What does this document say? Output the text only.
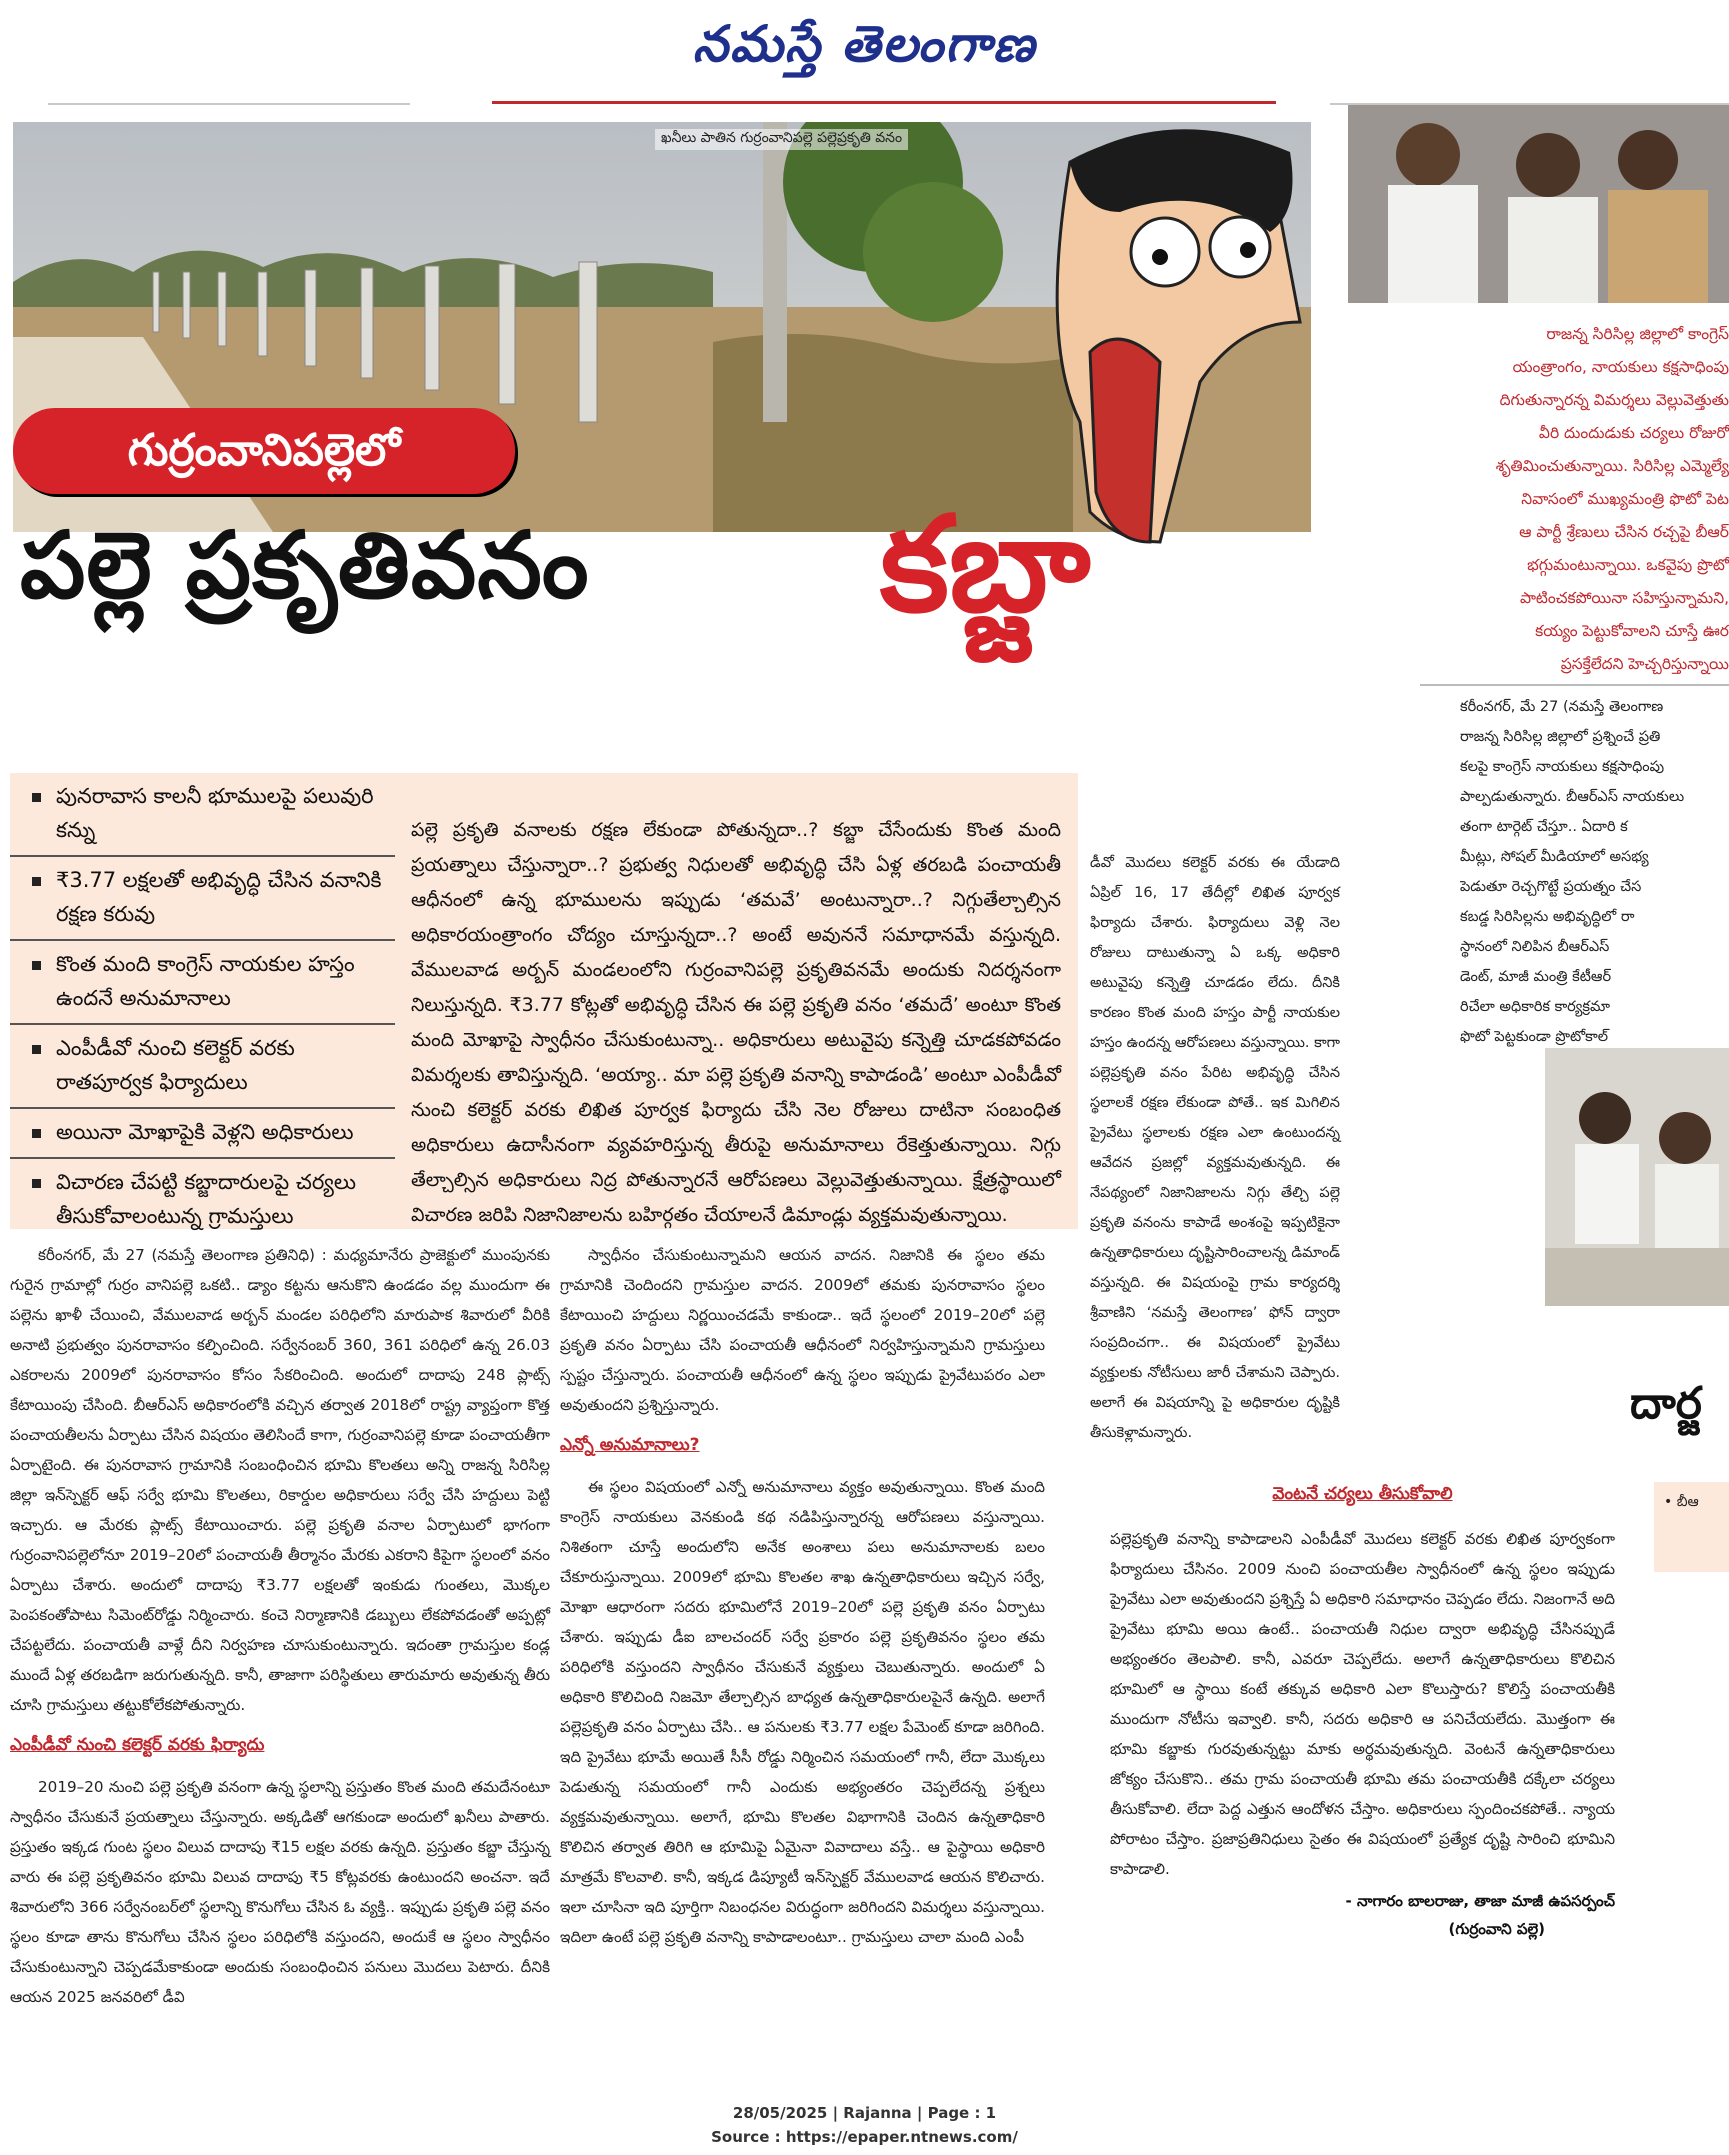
నమస్తే తెలంగాణ
ఖనీలు పాతిన గుర్రంవానిపల్లె పల్లెప్రకృతి వనం
గుర్రంవానిపల్లెలో
పల్లె ప్రకృతివనం	కబ్జా
రాజన్న సిరిసిల్ల జిల్లాలో కాంగ్రెస్
యంత్రాంగం, నాయకులు కక్షసాధింపు
దిగుతున్నారన్న విమర్శలు వెల్లువెత్తుతు
వీరి దుందుడుకు చర్యలు రోజురో
శృతిమించుతున్నాయి. సిరిసిల్ల ఎమ్మెల్యే
నివాసంలో ముఖ్యమంత్రి ఫొటో పెట
ఆ పార్టీ శ్రేణులు చేసిన రచ్చపై బీఆర్
భగ్గుమంటున్నాయి. ఒకవైపు ప్రొటో
పాటించకపోయినా సహిస్తున్నామని,
కయ్యం పెట్టుకోవాలని చూస్తే ఊర
ప్రసక్తేలేదని హెచ్చరిస్తున్నాయి
కరీంనగర్, మే 27 (నమస్తే తెలంగాణ
రాజన్న సిరిసిల్ల జిల్లాలో ప్రశ్నించే ప్రతి
కలపై కాంగ్రెస్ నాయకులు కక్షసాధింపు
పాల్పడుతున్నారు. బీఆర్ఎస్ నాయకులు
తంగా టార్గెట్ చేస్తూ.. ఏదారి క
మీట్లు, సోషల్ మీడియాలో అసభ్య
పెడుతూ రెచ్చగొట్టే ప్రయత్నం చేస
కబడ్డ సిరిసిల్లను అభివృద్ధిలో రా
స్థానంలో నిలిపిన బీఆర్ఎస్
డెంట్, మాజీ మంత్రి కేటీఆర్
రిచేలా అధికారిక కార్యక్రమా
ఫొటో పెట్టకుండా ప్రొటోకాల్
దార్జ
• బీఆ
పునరావాస కాలనీ భూములపై పలువురి కన్ను
₹3.77 లక్షలతో అభివృద్ధి చేసిన వనానికి రక్షణ కరువు
కొంత మంది కాంగ్రెస్ నాయకుల హస్తం ఉందనే అనుమానాలు
ఎంపీడీవో నుంచి కలెక్టర్ వరకు రాతపూర్వక ఫిర్యాదులు
అయినా మోఖాపైకి వెళ్లని అధికారులు
విచారణ చేపట్టి కబ్జాదారులపై చర్యలు తీసుకోవాలంటున్న గ్రామస్తులు
పల్లె ప్రకృతి వనాలకు రక్షణ లేకుండా పోతున్నదా..? కబ్జా చేసేందుకు కొంత మంది ప్రయత్నాలు చేస్తున్నారా..? ప్రభుత్వ నిధులతో అభివృద్ధి చేసి ఏళ్ల తరబడి పంచాయతీ ఆధీనంలో ఉన్న భూములను ఇప్పుడు ‘తమవే’ అంటున్నారా..? నిగ్గుతేల్చాల్సిన అధికారయంత్రాంగం చోద్యం చూస్తున్నదా..? అంటే అవుననే సమాధానమే వస్తున్నది. వేములవాడ అర్బన్ మండలంలోని గుర్రంవానిపల్లె ప్రకృతివనమే అందుకు నిదర్శనంగా నిలుస్తున్నది. ₹3.77 కోట్లతో అభివృద్ధి చేసిన ఈ పల్లె ప్రకృతి వనం ‘తమదే’ అంటూ కొంత మంది మోఖాపై స్వాధీనం చేసుకుంటున్నా.. అధికారులు అటువైపు కన్నెత్తి చూడకపోవడం విమర్శలకు తావిస్తున్నది. ‘అయ్యా.. మా పల్లె ప్రకృతి వనాన్ని కాపాడండి’ అంటూ ఎంపీడీవో నుంచి కలెక్టర్ వరకు లిఖిత పూర్వక ఫిర్యాదు చేసి నెల రోజులు దాటినా సంబంధిత అధికారులు ఉదాసీనంగా వ్యవహరిస్తున్న తీరుపై అనుమానాలు రేకెత్తుతున్నాయి. నిగ్గు తేల్చాల్సిన అధికారులు నిద్ర పోతున్నారనే ఆరోపణలు వెల్లువెత్తుతున్నాయి. క్షేత్రస్థాయిలో విచారణ జరిపి నిజానిజాలను బహిర్గతం చేయాలనే డిమాండ్లు వ్యక్తమవుతున్నాయి.
డీవో మొదలు కలెక్టర్ వరకు ఈ యేడాది ఏప్రిల్ 16, 17 తేదీల్లో లిఖిత పూర్వక ఫిర్యాదు చేశారు. ఫిర్యాదులు వెళ్లి నెల రోజులు దాటుతున్నా ఏ ఒక్క అధికారి అటువైపు కన్నెత్తి చూడడం లేదు. దీనికి కారణం కొంత మంది హస్తం పార్టీ నాయకుల హస్తం ఉందన్న ఆరోపణలు వస్తున్నాయి. కాగా పల్లెప్రకృతి వనం పేరిట అభివృద్ధి చేసిన స్థలాలకే రక్షణ లేకుండా పోతే.. ఇక మిగిలిన ప్రైవేటు స్థలాలకు రక్షణ ఎలా ఉంటుందన్న ఆవేదన ప్రజల్లో వ్యక్తమవుతున్నది. ఈ నేపథ్యంలో నిజానిజాలను నిగ్గు తేల్చి పల్లె ప్రకృతి వనంను కాపాడే అంశంపై ఇప్పటికైనా ఉన్నతాధికారులు దృష్టిసారించాలన్న డిమాండ్ వస్తున్నది. ఈ విషయంపై గ్రామ కార్యదర్శి శ్రీవాణిని ‘నమస్తే తెలంగాణ’ ఫోన్ ద్వారా సంప్రదించగా.. ఈ విషయంలో ప్రైవేటు వ్యక్తులకు నోటీసులు జారీ చేశామని చెప్పారు. అలాగే ఈ విషయాన్ని పై అధికారుల దృష్టికి తీసుకెళ్లామన్నారు.

కరీంనగర్, మే 27 (నమస్తే తెలంగాణ ప్రతినిధి) : మధ్యమానేరు ప్రాజెక్టులో ముంపునకు గురైన గ్రామాల్లో గుర్రం వానిపల్లె ఒకటి.. డ్యాం కట్టను ఆనుకొని ఉండడం వల్ల ముందుగా ఈ పల్లెను ఖాళీ చేయించి, వేములవాడ అర్బన్ మండల పరిధిలోని మారుపాక శివారులో వీరికి అనాటి ప్రభుత్వం పునరావాసం కల్పించింది. సర్వేనంబర్ 360, 361 పరిధిలో ఉన్న 26.03 ఎకరాలను 2009లో పునరావాసం కోసం సేకరించింది. అందులో దాదాపు 248 ప్లాట్స్ కేటాయింపు చేసింది. బీఆర్ఎస్ అధికారంలోకి వచ్చిన తర్వాత 2018లో రాష్ట్ర వ్యాప్తంగా కొత్త పంచాయతీలను ఏర్పాటు చేసిన విషయం తెలిసిందే కాగా, గుర్రంవానిపల్లె కూడా పంచాయతీగా ఏర్పాటైంది. ఈ పునరావాస గ్రామానికి సంబంధించిన భూమి కొలతలు అన్ని రాజన్న సిరిసిల్ల జిల్లా ఇన్‌స్పెక్టర్ ఆఫ్ సర్వే భూమి కొలతలు, రికార్డుల అధికారులు సర్వే చేసి హద్దులు పెట్టి ఇచ్చారు. ఆ మేరకు ప్లాట్స్ కేటాయించారు. పల్లె ప్రకృతి వనాల ఏర్పాటులో భాగంగా గుర్రంవానిపల్లెలోనూ 2019–20లో పంచాయతీ తీర్మానం మేరకు ఎకరాని కిపైగా స్థలంలో వనం ఏర్పాటు చేశారు. అందులో దాదాపు ₹3.77 లక్షలతో ఇంకుడు గుంతలు, మొక్కల పెంపకంతోపాటు సిమెంట్‌రోడ్డు నిర్మించారు. కంచె నిర్మాణానికి డబ్బులు లేకపోవడంతో అప్పట్లో చేపట్టలేదు. పంచాయతీ వాళ్లే దీని నిర్వహణ చూసుకుంటున్నారు. ఇదంతా గ్రామస్తుల కండ్ల ముందే ఏళ్ల తరబడిగా జరుగుతున్నది. కానీ, తాజాగా పరిస్థితులు తారుమారు అవుతున్న తీరు చూసి గ్రామస్తులు తట్టుకోలేకపోతున్నారు.

ఎంపీడీవో నుంచి కలెక్టర్ వరకు ఫిర్యాదు

2019–20 నుంచి పల్లె ప్రకృతి వనంగా ఉన్న స్థలాన్ని ప్రస్తుతం కొంత మంది తమదేనంటూ స్వాధీనం చేసుకునే ప్రయత్నాలు చేస్తున్నారు. అక్కడితో ఆగకుండా అందులో ఖనీలు పాతారు. ప్రస్తుతం ఇక్కడ గుంట స్థలం విలువ దాదాపు ₹15 లక్షల వరకు ఉన్నది. ప్రస్తుతం కబ్జా చేస్తున్న వారు ఈ పల్లె ప్రకృతివనం భూమి విలువ దాదాపు ₹5 కోట్లవరకు ఉంటుందని అంచనా. ఇదే శివారులోని 366 సర్వేనంబర్‌లో స్థలాన్ని కొనుగోలు చేసిన ఓ వ్యక్తి.. ఇప్పుడు ప్రకృతి పల్లె వనం స్థలం కూడా తాను కొనుగోలు చేసిన స్థలం పరిధిలోకి వస్తుందని, అందుకే ఆ స్థలం స్వాధీనం చేసుకుంటున్నాని చెప్పడమేకాకుండా అందుకు సంబంధించిన పనులు మొదలు పెటారు. దీనికి ఆయన 2025 జనవరిలో డీవి

స్వాధీనం చేసుకుంటున్నామని ఆయన వాదన. నిజానికి ఈ స్థలం తమ గ్రామానికి చెందిందని గ్రామస్తుల వాదన. 2009లో తమకు పునరావాసం స్థలం కేటాయించి హద్దులు నిర్ణయించడమే కాకుండా.. ఇదే స్థలంలో 2019–20లో పల్లె ప్రకృతి వనం ఏర్పాటు చేసి పంచాయతీ ఆధీనంలో నిర్వహిస్తున్నామని గ్రామస్తులు స్పష్టం చేస్తున్నారు. పంచాయతీ ఆధీనంలో ఉన్న స్థలం ఇప్పుడు ప్రైవేటుపరం ఎలా అవుతుందని ప్రశ్నిస్తున్నారు.

ఎన్నో అనుమానాలు?

ఈ స్థలం విషయంలో ఎన్నో అనుమానాలు వ్యక్తం అవుతున్నాయి. కొంత మంది కాంగ్రెస్ నాయకులు వెనకుండి కథ నడిపిస్తున్నారన్న ఆరోపణలు వస్తున్నాయి. నిశితంగా చూస్తే అందులోని అనేక అంశాలు పలు అనుమానాలకు బలం చేకూరుస్తున్నాయి. 2009లో భూమి కొలతల శాఖ ఉన్నతాధికారులు ఇచ్చిన సర్వే, మోఖా ఆధారంగా సదరు భూమిలోనే 2019–20లో పల్లె ప్రకృతి వనం ఏర్పాటు చేశారు. ఇప్పుడు డీఐ బాలచందర్ సర్వే ప్రకారం పల్లె ప్రకృతివనం స్థలం తమ పరిధిలోకి వస్తుందని స్వాధీనం చేసుకునే వ్యక్తులు చెబుతున్నారు. అందులో ఏ అధికారి కొలిచింది నిజమో తేల్చాల్సిన బాధ్యత ఉన్నతాధికారులపైనే ఉన్నది. అలాగే పల్లెప్రకృతి వనం ఏర్పాటు చేసి.. ఆ పనులకు ₹3.77 లక్షల పేమెంట్ కూడా జరిగింది. ఇది ప్రైవేటు భూమే అయితే సీసీ రోడ్డు నిర్మించిన సమయంలో గానీ, లేదా మొక్కలు పెడుతున్న సమయంలో గానీ ఎందుకు అభ్యంతరం చెప్పలేదన్న ప్రశ్నలు వ్యక్తమవుతున్నాయి. అలాగే, భూమి కొలతల విభాగానికి చెందిన ఉన్నతాధికారి కొలిచిన తర్వాత తిరిగి ఆ భూమిపై ఏమైనా వివాదాలు వస్తే.. ఆ పైస్థాయి అధికారి మాత్రమే కొలవాలి. కానీ, ఇక్కడ డిప్యూటీ ఇన్‌స్పెక్టర్ వేములవాడ ఆయన కొలిచారు. ఇలా చూసినా ఇది పూర్తిగా నిబంధనల విరుద్ధంగా జరిగిందని విమర్శలు వస్తున్నాయి. ఇదిలా ఉంటే పల్లె ప్రకృతి వనాన్ని కాపాడాలంటూ.. గ్రామస్తులు చాలా మంది ఎంపీ

వెంటనే చర్యలు తీసుకోవాలి
పల్లెప్రకృతి వనాన్ని కాపాడాలని ఎంపీడీవో మొదలు కలెక్టర్ వరకు లిఖిత పూర్వకంగా ఫిర్యాదులు చేసినం. 2009 నుంచి పంచాయతీల స్వాధీనంలో ఉన్న స్థలం ఇప్పుడు ప్రైవేటు ఎలా అవుతుందని ప్రశ్నిస్తే ఏ అధికారి సమాధానం చెప్పడం లేదు. నిజంగానే అది ప్రైవేటు భూమి అయి ఉంటే.. పంచాయతీ నిధుల ద్వారా అభివృద్ధి చేసినప్పుడే అభ్యంతరం తెలపాలి. కానీ, ఎవరూ చెప్పలేదు. అలాగే ఉన్నతాధికారులు కొలిచిన భూమిలో ఆ స్థాయి కంటే తక్కువ అధికారి ఎలా కొలుస్తారు? కొలిస్తే పంచాయతీకి ముందుగా నోటీసు ఇవ్వాలి. కానీ, సదరు అధికారి ఆ పనిచేయలేదు. మొత్తంగా ఈ భూమి కబ్జాకు గురవుతున్నట్టు మాకు అర్థమవుతున్నది. వెంటనే ఉన్నతాధికారులు జోక్యం చేసుకొని.. తమ గ్రామ పంచాయతీ భూమి తమ పంచాయతీకి దక్కేలా చర్యలు తీసుకోవాలి. లేదా పెద్ద ఎత్తున ఆందోళన చేస్తాం. అధికారులు స్పందించకపోతే.. న్యాయ పోరాటం చేస్తాం. ప్రజాప్రతినిధులు సైతం ఈ విషయంలో ప్రత్యేక దృష్టి సారించి భూమిని కాపాడాలి.
- నాగారం బాలరాజు, తాజా మాజీ ఉపసర్పంచ్
(గుర్రంవాని పల్లె)
28/05/2025 | Rajanna | Page : 1
Source : https://epaper.ntnews.com/
